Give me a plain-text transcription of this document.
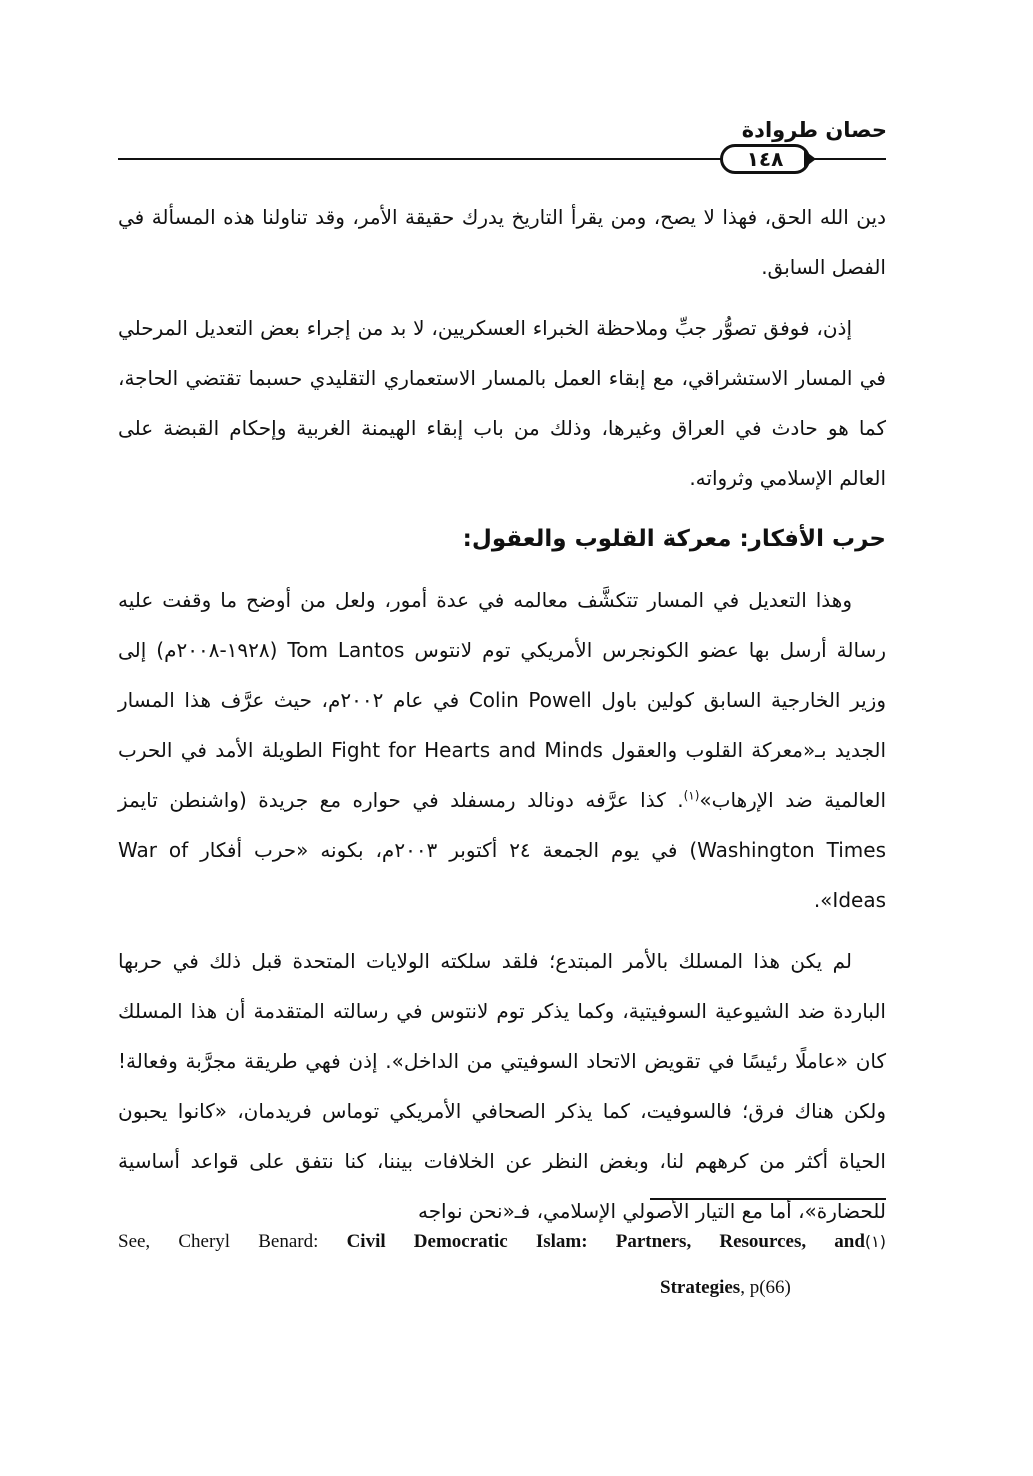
حصان طروادة
١٤٨

دين الله الحق، فهذا لا يصح، ومن يقرأ التاريخ يدرك حقيقة الأمر، وقد تناولنا هذه المسألة في الفصل السابق.

إذن، فوفق تصوُّر جبِّ وملاحظة الخبراء العسكريين، لا بد من إجراء بعض التعديل المرحلي في المسار الاستشراقي، مع إبقاء العمل بالمسار الاستعماري التقليدي حسبما تقتضي الحاجة، كما هو حادث في العراق وغيرها، وذلك من باب إبقاء الهيمنة الغربية وإحكام القبضة على العالم الإسلامي وثرواته.

حرب الأفكار: معركة القلوب والعقول:

وهذا التعديل في المسار تتكشَّف معالمه في عدة أمور، ولعل من أوضح ما وقفت عليه رسالة أرسل بها عضو الكونجرس الأمريكي توم لانتوس Tom Lantos (١٩٢٨-٢٠٠٨م) إلى وزير الخارجية السابق كولين باول Colin Powell في عام ٢٠٠٢م، حيث عرَّف هذا المسار الجديد بـ«معركة القلوب والعقول Fight for Hearts and Minds الطويلة الأمد في الحرب العالمية ضد الإرهاب»$^{(١)}$. كذا عرَّفه دونالد رمسفلد في حواره مع جريدة (واشنطن تايمز Washington Times) في يوم الجمعة ٢٤ أكتوبر ٢٠٠٣م، بكونه «حرب أفكار War of Ideas».

لم يكن هذا المسلك بالأمر المبتدع؛ فلقد سلكته الولايات المتحدة قبل ذلك في حربها الباردة ضد الشيوعية السوفيتية، وكما يذكر توم لانتوس في رسالته المتقدمة أن هذا المسلك كان «عاملًا رئيسًا في تقويض الاتحاد السوفيتي من الداخل». إذن فهي طريقة مجرَّبة وفعالة! ولكن هناك فرق؛ فالسوفيت، كما يذكر الصحافي الأمريكي توماس فريدمان، «كانوا يحبون الحياة أكثر من كرههم لنا، وبغض النظر عن الخلافات بيننا، كنا نتفق على قواعد أساسية للحضارة»، أما مع التيار الأصولي الإسلامي، فـ«نحن نواجه

(١)
See, Cheryl Benard: Civil Democratic Islam: Partners, Resources, and
Strategies, p(66)
